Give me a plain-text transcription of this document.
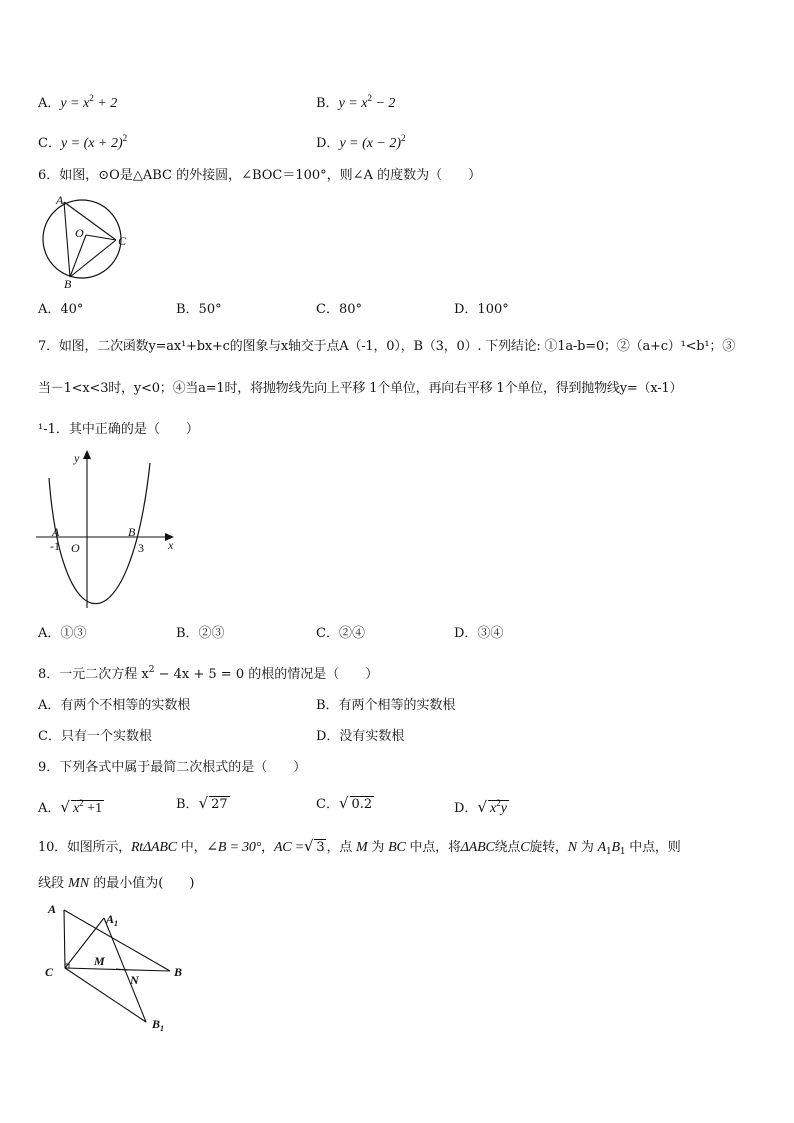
A．$y = x^2 + 2$	B．$y = x^2 - 2$
C．$y = (x + 2)^2$	D．$y = (x - 2)^2$
6．如图，⊙O是△ABC 的外接圆，∠BOC＝100°，则∠A 的度数为（　　）
A
O
C
B
A．40°	B．50°	C．80°	D．100°
7．如图，二次函数y=ax¹+bx+c的图象与x轴交于点A（-1，0），B（3，0）. 下列结论: ①1a-b=0；②（a+c）¹<b¹；③
当－1<x<3时，y<0；④当a=1时，将抛物线先向上平移 1个单位，再向右平移 1个单位，得到抛物线y=（x-1）
¹-1．其中正确的是（　　）
y
x
A	B
-1 O	3
A．①③	B．②③	C．②④	D．③④
8．一元二次方程 $x^2 - 4x + 5 = 0$ 的根的情况是（　　）
A．有两个不相等的实数根	B．有两个相等的实数根
C．只有一个实数根	D．没有实数根
9．下列各式中属于最简二次根式的是（　　）
A．√ $x^2 +1$	B．√ 27	C．√ 0.2	D．√ $x^2y$
10．如图所示，RtΔABC 中，∠B = 30°，AC =√ 3 ，点 M 为 BC 中点，将ΔABC绕点C旋转，N 为 $A_1B_1$ 中点，则
线段 MN 的最小值为(　　)
A
$A_1$
C
M
N
B
$B_1$
